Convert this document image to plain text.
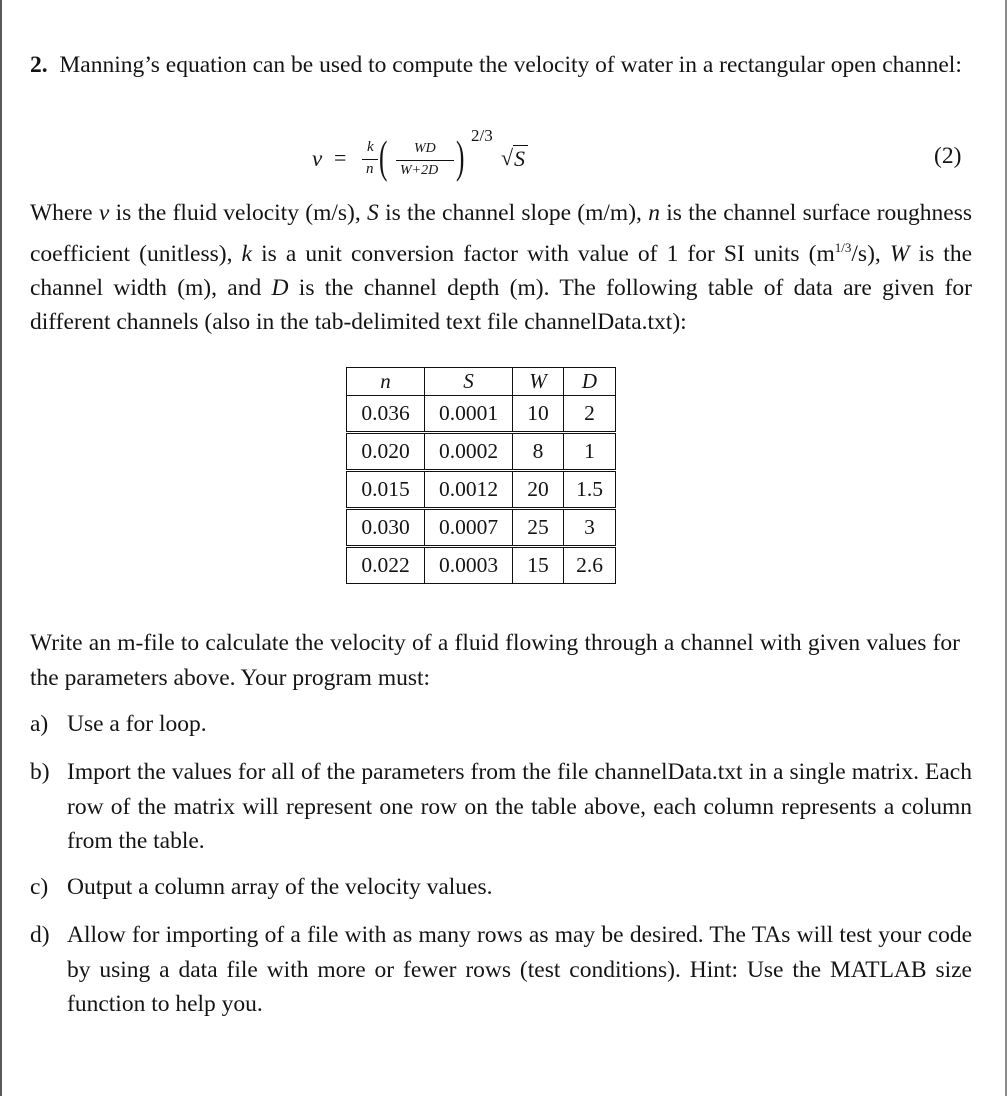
2. Manning’s equation can be used to compute the velocity of water in a rectangular open channel:
v = k
n ( WD
W+2D ) 2/3
√ S	(2)
Where v is the fluid velocity (m/s), S is the channel slope (m/m), n is the channel surface roughness coefficient (unitless), k is a unit conversion factor with value of 1 for SI units $(m^{1/3}/s)$, W is the channel width (m), and D is the channel depth (m). The following table of data are given for different channels (also in the tab-delimited text file channelData.txt):
n	S	W	D
0.036	0.0001	10	2
0.020	0.0002	8	1
0.015	0.0012	20	1.5
0.030	0.0007	25	3
0.022	0.0003	15	2.6
Write an m-file to calculate the velocity of a fluid flowing through a channel with given values for the parameters above. Your program must:
a) Use a for loop.
b) Import the values for all of the parameters from the file channelData.txt in a single matrix. Each row of the matrix will represent one row on the table above, each column represents a column from the table.
c) Output a column array of the velocity values.
d) Allow for importing of a file with as many rows as may be desired. The TAs will test your code by using a data file with more or fewer rows (test conditions). Hint: Use the MATLAB size function to help you.
